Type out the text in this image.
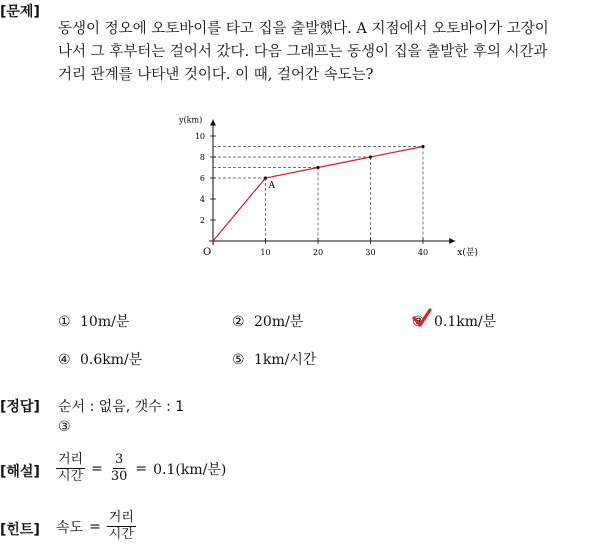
[문제]
동생이 정오에 오토바이를 타고 집을 출발했다. A 지점에서 오토바이가 고장이
나서 그 후부터는 걸어서 갔다. 다음 그래프는 동생이 집을 출발한 후의 시간과
거리 관계를 나타낸 것이다. 이 때, 걸어간 속도는?
y(km)
x(분)
O
2
4
6
8
10
10	20	30	40
A
① 10m/분	② 20m/분	③ 0.1km/분
④ 0.6km/분	⑤ 1km/시간
[정답] 순서 : 없음, 갯수 : 1
③
[해설] $\frac{\text{거리}}{\text{시간}} = \frac{3}{30} = 0.1(km/$분)
[힌트] 속도 = $\frac{\text{거리}}{\text{시간}}$
